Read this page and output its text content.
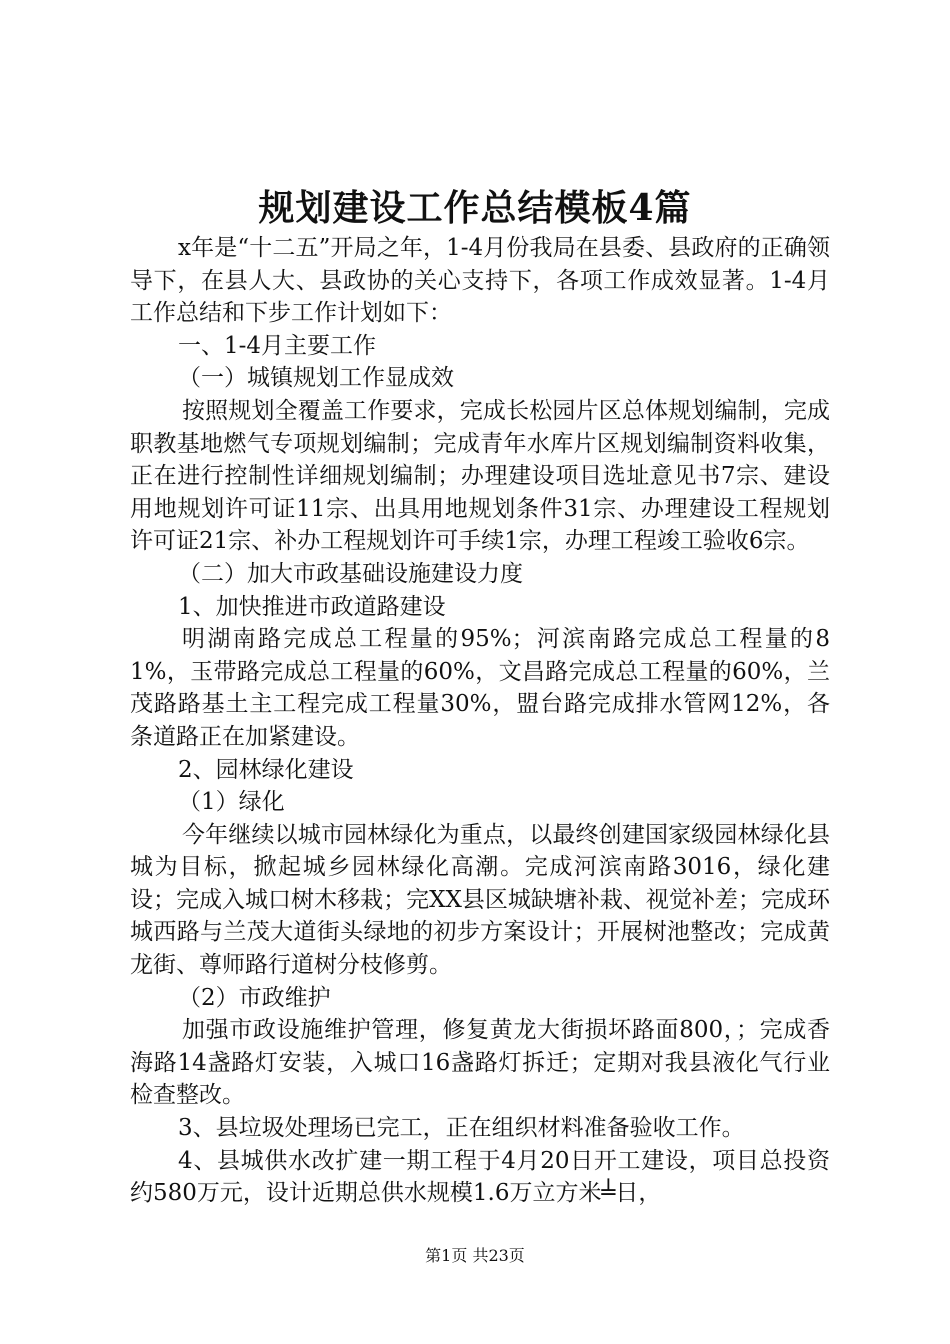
规划建设工作总结模板4篇

x年是“十二五”开局之年，1-4月份我局在县委、县政府的正确领导下，在县人大、县政协的关心支持下，各项工作成效显著。1-4月工作总结和下步工作计划如下：

一、1-4月主要工作

（一）城镇规划工作显成效

按照规划全覆盖工作要求，完成长松园片区总体规划编制，完成职教基地燃气专项规划编制；完成青年水库片区规划编制资料收集，正在进行控制性详细规划编制；办理建设项目选址意见书7宗、建设用地规划许可证11宗、出具用地规划条件31宗、办理建设工程规划许可证21宗、补办工程规划许可手续1宗，办理工程竣工验收6宗。

（二）加大市政基础设施建设力度

1、加快推进市政道路建设

明湖南路完成总工程量的95%；河滨南路完成总工程量的81%，玉带路完成总工程量的60%，文昌路完成总工程量的60%，兰茂路路基土主工程完成工程量30%，盟台路完成排水管网12%，各条道路正在加紧建设。

2、园林绿化建设

（1）绿化

今年继续以城市园林绿化为重点，以最终创建国家级园林绿化县城为目标，掀起城乡园林绿化高潮。完成河滨南路3016，绿化建设；完成入城口树木移栽；完XX县区城缺塘补栽、视觉补差；完成环城西路与兰茂大道街头绿地的初步方案设计；开展树池整改；完成黄龙街、尊师路行道树分枝修剪。

（2）市政维护

加强市政设施维护管理，修复黄龙大街损坏路面800，；完成香海路14盏路灯安装，入城口16盏路灯拆迁；定期对我县液化气行业检查整改。

3、县垃圾处理场已完工，正在组织材料准备验收工作。

4、县城供水改扩建一期工程于4月20日开工建设，项目总投资约580万元，设计近期总供水规模1.6万立方米╧日，

第1页 共23页
